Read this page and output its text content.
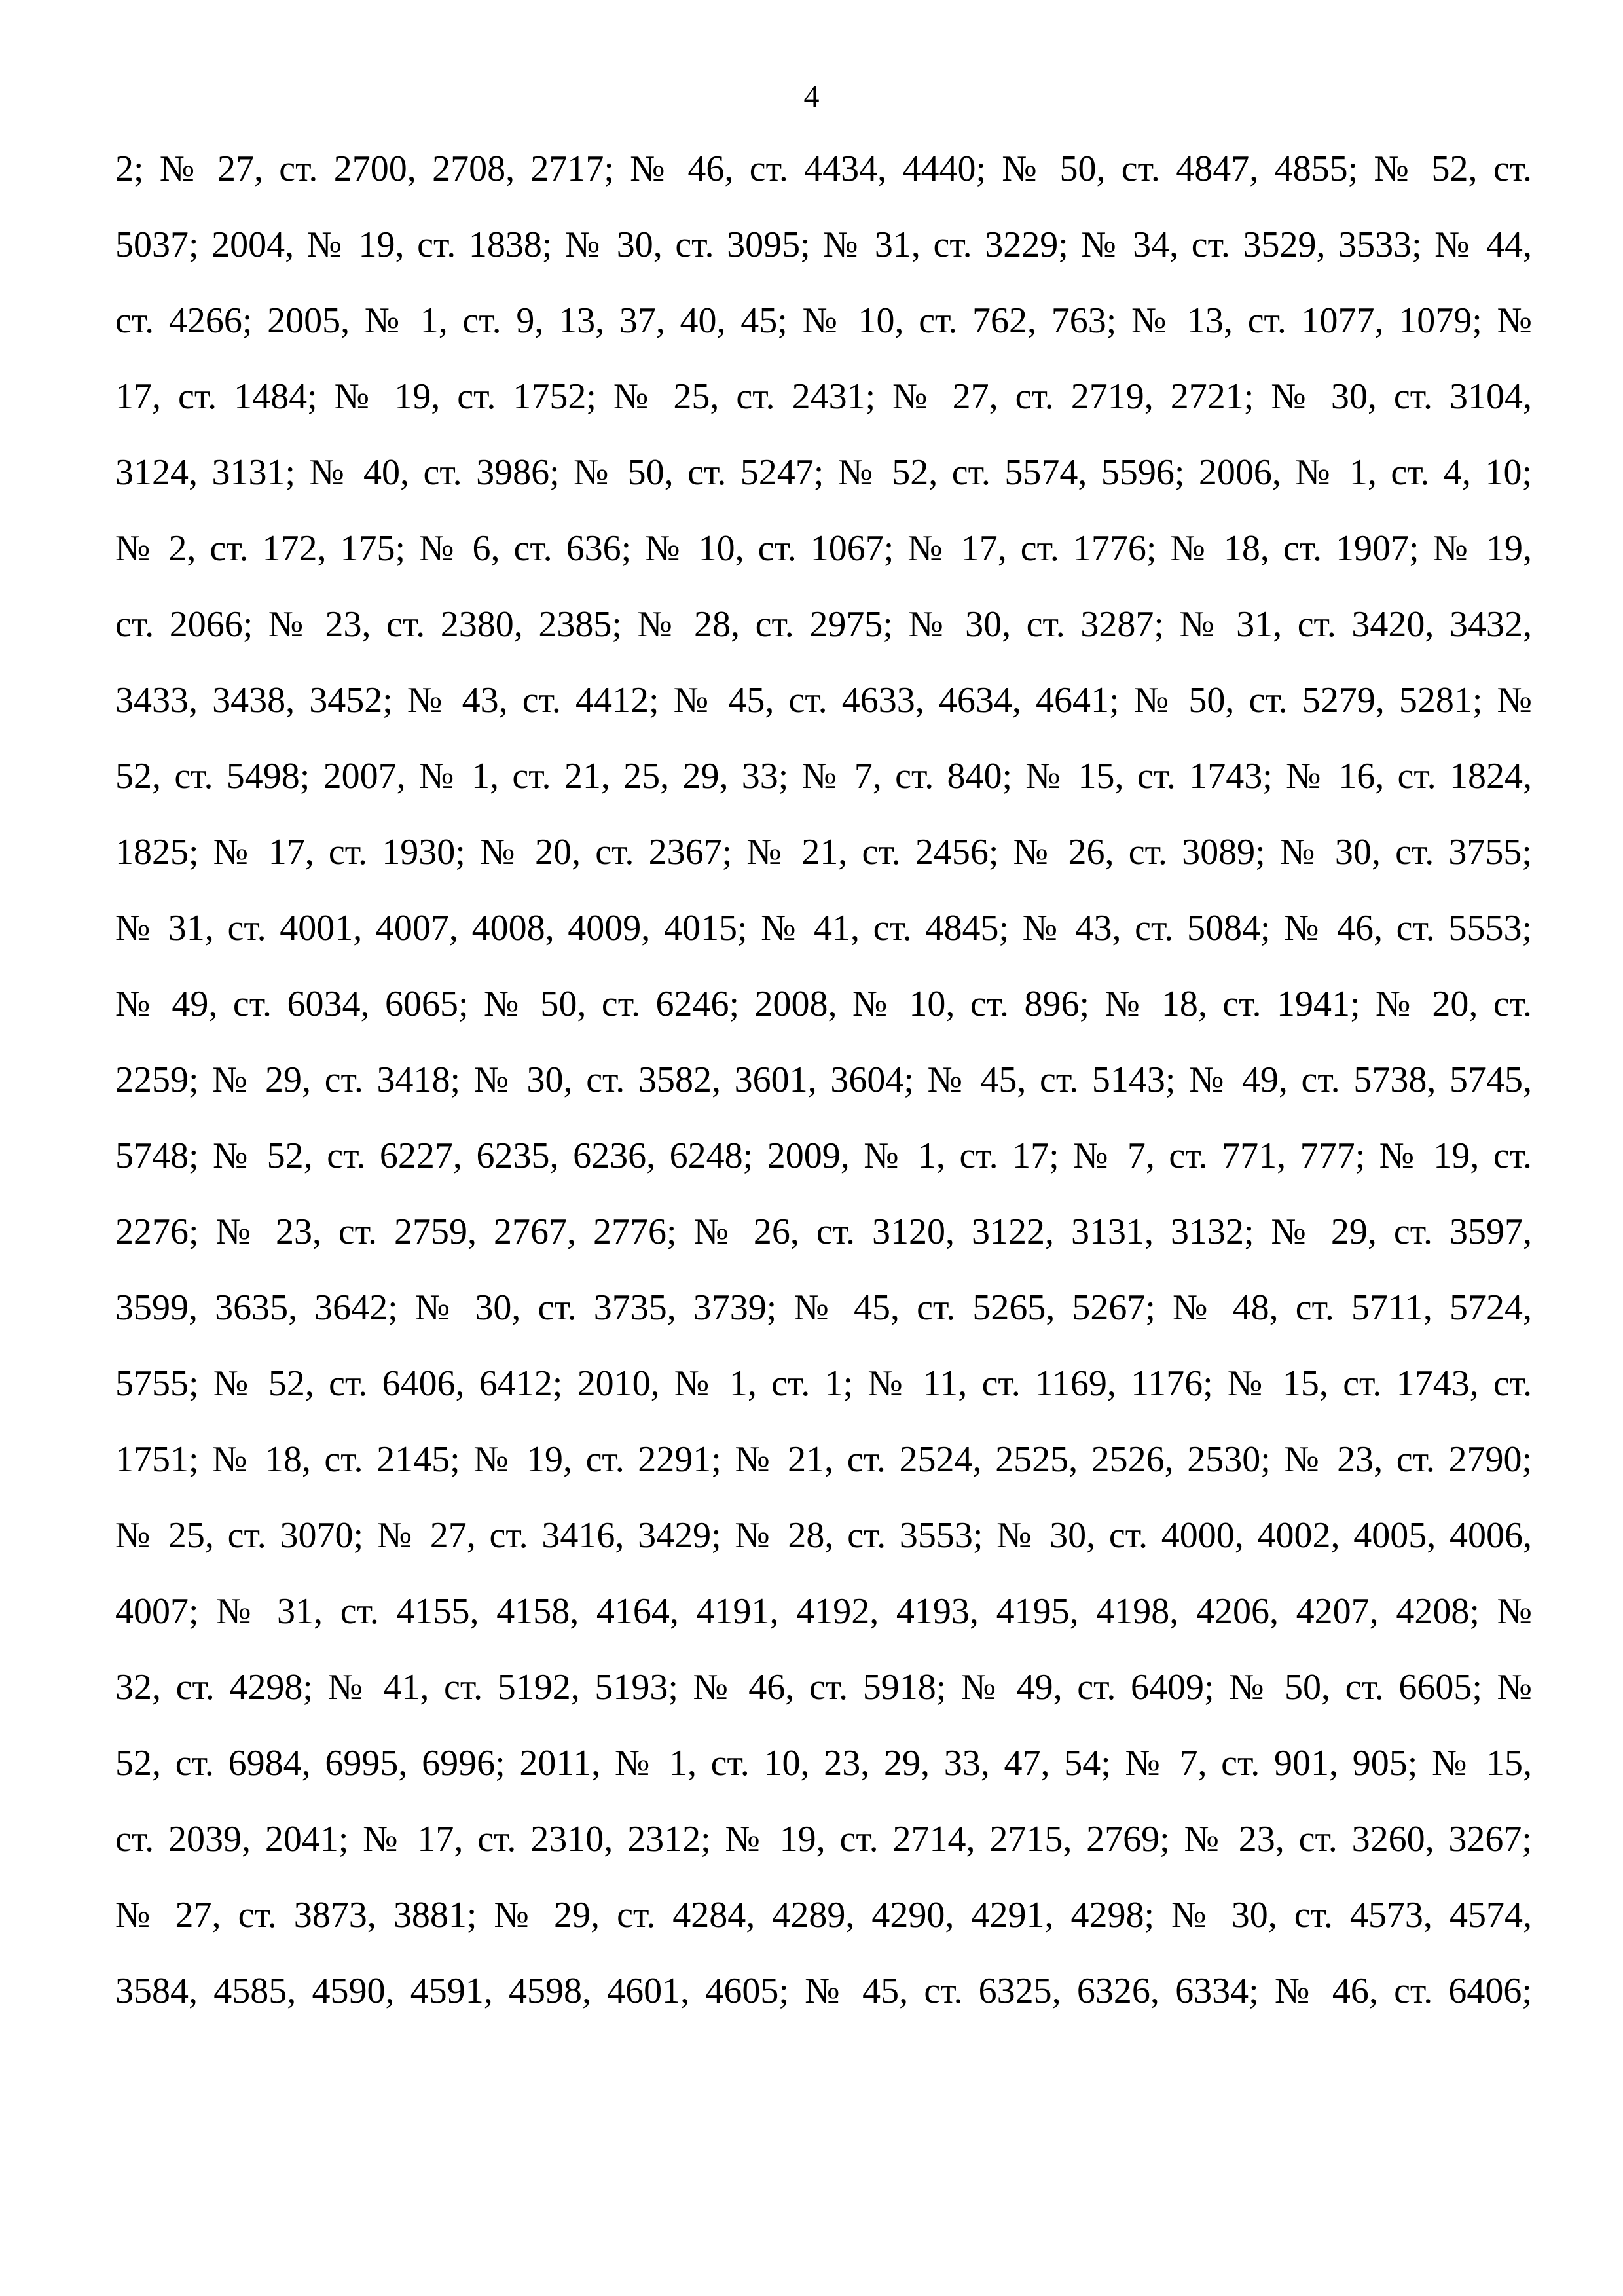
4
2; № 27, ст. 2700, 2708, 2717; № 46, ст. 4434, 4440; № 50, ст. 4847, 4855; № 52, ст.
5037; 2004, № 19, ст. 1838; № 30, ст. 3095; № 31, ст. 3229; № 34, ст. 3529, 3533; № 44,
ст. 4266; 2005, № 1, ст. 9, 13, 37, 40, 45; № 10, ст. 762, 763; № 13, ст. 1077, 1079; №
17, ст. 1484; № 19, ст. 1752; № 25, ст. 2431; № 27, ст. 2719, 2721; № 30, ст. 3104,
3124, 3131; № 40, ст. 3986; № 50, ст. 5247; № 52, ст. 5574, 5596; 2006, № 1, ст. 4, 10;
№ 2, ст. 172, 175; № 6, ст. 636; № 10, ст. 1067; № 17, ст. 1776; № 18, ст. 1907; № 19,
ст. 2066; № 23, ст. 2380, 2385; № 28, ст. 2975; № 30, ст. 3287; № 31, ст. 3420, 3432,
3433, 3438, 3452; № 43, ст. 4412; № 45, ст. 4633, 4634, 4641; № 50, ст. 5279, 5281; №
52, ст. 5498; 2007, № 1, ст. 21, 25, 29, 33; № 7, ст. 840; № 15, ст. 1743; № 16, ст. 1824,
1825; № 17, ст. 1930; № 20, ст. 2367; № 21, ст. 2456; № 26, ст. 3089; № 30, ст. 3755;
№ 31, ст. 4001, 4007, 4008, 4009, 4015; № 41, ст. 4845; № 43, ст. 5084; № 46, ст. 5553;
№ 49, ст. 6034, 6065; № 50, ст. 6246; 2008, № 10, ст. 896; № 18, ст. 1941; № 20, ст.
2259; № 29, ст. 3418; № 30, ст. 3582, 3601, 3604; № 45, ст. 5143; № 49, ст. 5738, 5745,
5748; № 52, ст. 6227, 6235, 6236, 6248; 2009, № 1, ст. 17; № 7, ст. 771, 777; № 19, ст.
2276; № 23, ст. 2759, 2767, 2776; № 26, ст. 3120, 3122, 3131, 3132; № 29, ст. 3597,
3599, 3635, 3642; № 30, ст. 3735, 3739; № 45, ст. 5265, 5267; № 48, ст. 5711, 5724,
5755; № 52, ст. 6406, 6412; 2010, № 1, ст. 1; № 11, ст. 1169, 1176; № 15, ст. 1743, ст.
1751; № 18, ст. 2145; № 19, ст. 2291; № 21, ст. 2524, 2525, 2526, 2530; № 23, ст. 2790;
№ 25, ст. 3070; № 27, ст. 3416, 3429; № 28, ст. 3553; № 30, ст. 4000, 4002, 4005, 4006,
4007; № 31, ст. 4155, 4158, 4164, 4191, 4192, 4193, 4195, 4198, 4206, 4207, 4208; №
32, ст. 4298; № 41, ст. 5192, 5193; № 46, ст. 5918; № 49, ст. 6409; № 50, ст. 6605; №
52, ст. 6984, 6995, 6996; 2011, № 1, ст. 10, 23, 29, 33, 47, 54; № 7, ст. 901, 905; № 15,
ст. 2039, 2041; № 17, ст. 2310, 2312; № 19, ст. 2714, 2715, 2769; № 23, ст. 3260, 3267;
№ 27, ст. 3873, 3881; № 29, ст. 4284, 4289, 4290, 4291, 4298; № 30, ст. 4573, 4574,
3584, 4585, 4590, 4591, 4598, 4601, 4605; № 45, ст. 6325, 6326, 6334; № 46, ст. 6406;
